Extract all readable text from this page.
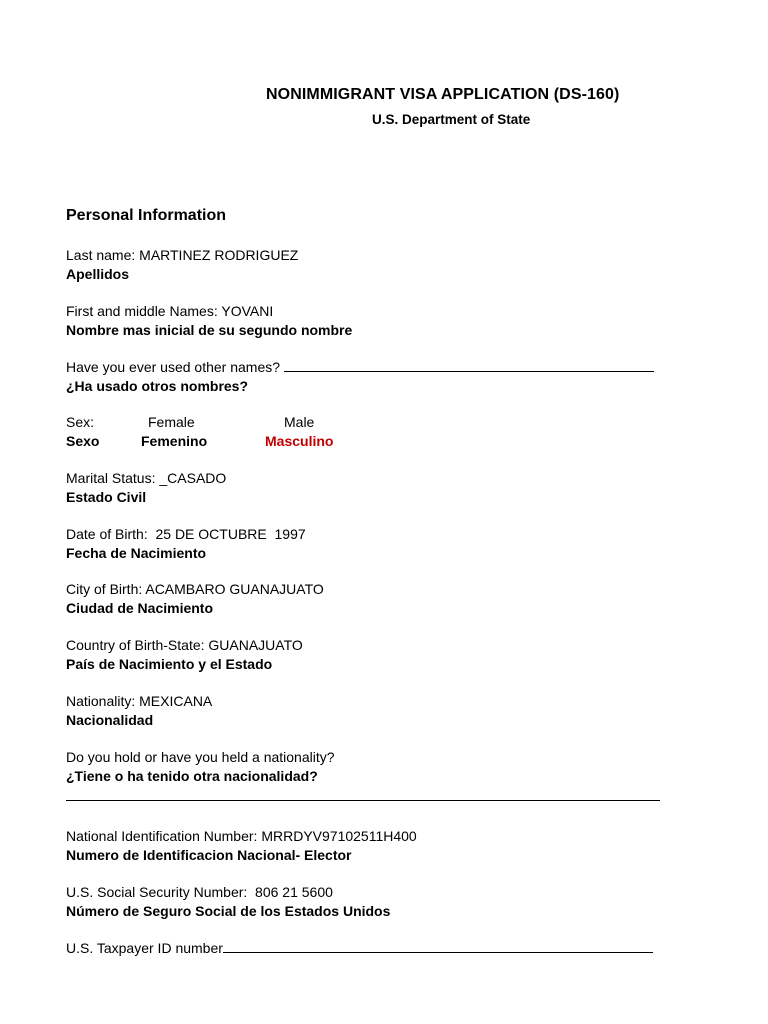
NONIMMIGRANT VISA APPLICATION (DS-160)
U.S. Department of State
Personal Information
Last name: MARTINEZ RODRIGUEZ
Apellidos
First and middle Names: YOVANI
Nombre mas inicial de su segundo nombre
Have you ever used other names?
¿Ha usado otros nombres?
Sex:	Female	Male
Sexo	Femenino	Masculino
Marital Status: _CASADO
Estado Civil
Date of Birth:  25 DE OCTUBRE  1997
Fecha de Nacimiento
City of Birth: ACAMBARO GUANAJUATO
Ciudad de Nacimiento
Country of Birth-State: GUANAJUATO
País de Nacimiento y el Estado
Nationality: MEXICANA
Nacionalidad
Do you hold or have you held a nationality?
¿Tiene o ha tenido otra nacionalidad?
National Identification Number: MRRDYV97102511H400
Numero de Identificacion Nacional- Elector
U.S. Social Security Number:  806 21 5600
Número de Seguro Social de los Estados Unidos
U.S. Taxpayer ID number
